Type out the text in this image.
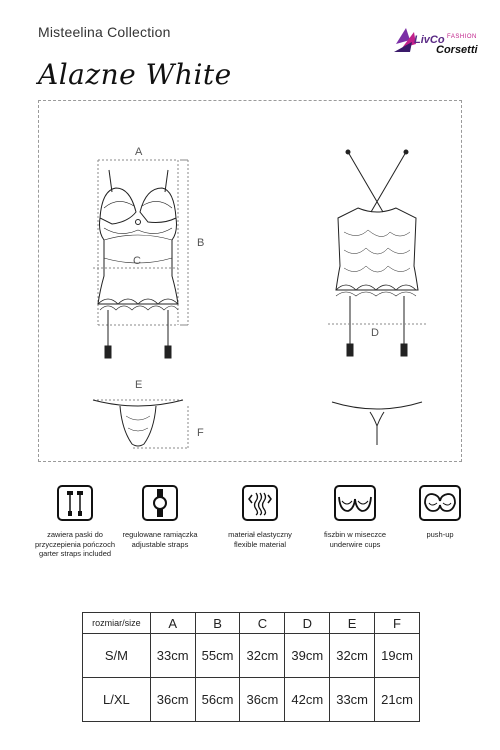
Misteelina Collection
Alazne White
LivCo FASHION
Corsetti
A
B
C
D
E
F
zawiera paski do przyczepienia pończoch
garter straps included
regulowane ramiączka
adjustable straps
materiał elastyczny
flexible material
fiszbin w miseczce
underwire cups
push-up
rozmiar/size	A	B	C	D	E	F
S/M	33cm	55cm	32cm	39cm	32cm	19cm
L/XL	36cm	56cm	36cm	42cm	33cm	21cm
